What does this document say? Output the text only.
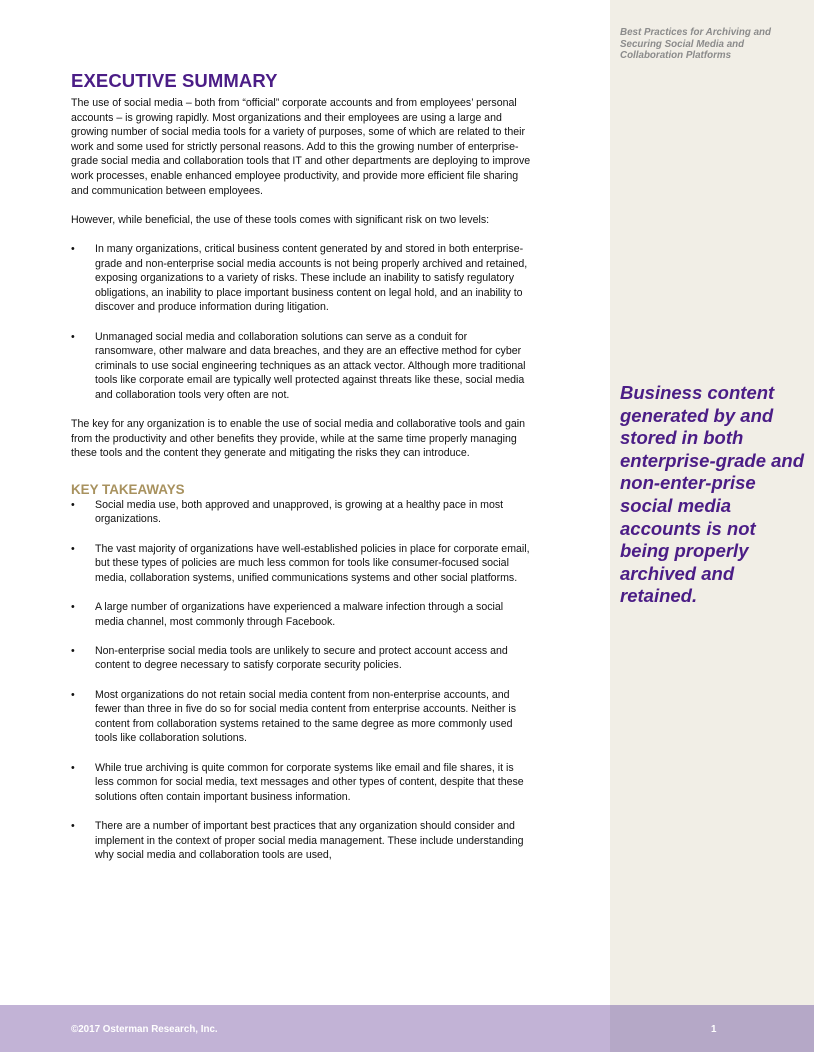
Best Practices for Archiving and Securing Social Media and Collaboration Platforms
Business content generated by and stored in both enterprise-grade and non-enter-prise social media accounts is not being properly archived and retained.
EXECUTIVE SUMMARY

The use of social media – both from “official” corporate accounts and from employees’ personal accounts – is growing rapidly. Most organizations and their employees are using a large and growing number of social media tools for a variety of purposes, some of which are related to their work and some used for strictly personal reasons. Add to this the growing number of enterprise-grade social media and collaboration tools that IT and other departments are deploying to improve work processes, enable enhanced employee productivity, and provide more efficient file sharing and communication between employees.

However, while beneficial, the use of these tools comes with significant risk on two levels:

•	In many organizations, critical business content generated by and stored in both enterprise-grade and non-enterprise social media accounts is not being properly archived and retained, exposing organizations to a variety of risks. These include an inability to satisfy regulatory obligations, an inability to place important business content on legal hold, and an inability to discover and produce information during litigation.
•	Unmanaged social media and collaboration solutions can serve as a conduit for ransomware, other malware and data breaches, and they are an effective method for cyber criminals to use social engineering techniques as an attack vector. Although more traditional tools like corporate email are typically well protected against threats like these, social media and collaboration tools very often are not.

The key for any organization is to enable the use of social media and collaborative tools and gain from the productivity and other benefits they provide, while at the same time properly managing these tools and the content they generate and mitigating the risks they can introduce.

KEY TAKEAWAYS
•	Social media use, both approved and unapproved, is growing at a healthy pace in most organizations.
•	The vast majority of organizations have well-established policies in place for corporate email, but these types of policies are much less common for tools like consumer-focused social media, collaboration systems, unified communications systems and other social platforms.
•	A large number of organizations have experienced a malware infection through a social media channel, most commonly through Facebook.
•	Non-enterprise social media tools are unlikely to secure and protect account access and content to degree necessary to satisfy corporate security policies.
•	Most organizations do not retain social media content from non-enterprise accounts, and fewer than three in five do so for social media content from enterprise accounts. Neither is content from collaboration systems retained to the same degree as more commonly used tools like collaboration solutions.
•	While true archiving is quite common for corporate systems like email and file shares, it is less common for social media, text messages and other types of content, despite that these solutions often contain important business information.
•	There are a number of important best practices that any organization should consider and implement in the context of proper social media management. These include understanding why social media and collaboration tools are used,
©2017 Osterman Research, Inc.	1
